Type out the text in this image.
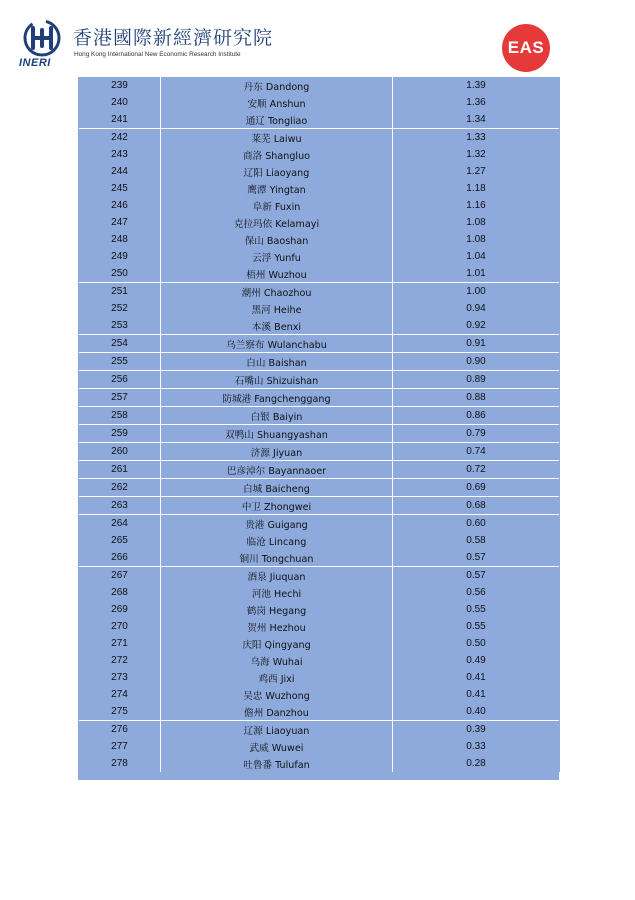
INERI
香港國際新經濟研究院
Hong Kong International New Economic Research Institute	EAS
239	丹东 Dandong	1.39
240	安顺 Anshun	1.36
241	通辽 Tongliao	1.34
242	莱芜 Laiwu	1.33
243	商洛 Shangluo	1.32
244	辽阳 Liaoyang	1.27
245	鹰潭 Yingtan	1.18
246	阜新 Fuxin	1.16
247	克拉玛依 Kelamayi	1.08
248	保山 Baoshan	1.08
249	云浮 Yunfu	1.04
250	梧州 Wuzhou	1.01
251	潮州 Chaozhou	1.00
252	黑河 Heihe	0.94
253	本溪 Benxi	0.92
254	乌兰察布 Wulanchabu	0.91
255	白山 Baishan	0.90
256	石嘴山 Shizuishan	0.89
257	防城港 Fangchenggang	0.88
258	白银 Baiyin	0.86
259	双鸭山 Shuangyashan	0.79
260	济源 Jiyuan	0.74
261	巴彦淖尔 Bayannaoer	0.72
262	白城 Baicheng	0.69
263	中卫 Zhongwei	0.68
264	贵港 Guigang	0.60
265	临沧 Lincang	0.58
266	铜川 Tongchuan	0.57
267	酒泉 Jiuquan	0.57
268	河池 Hechi	0.56
269	鹤岗 Hegang	0.55
270	贺州 Hezhou	0.55
271	庆阳 Qingyang	0.50
272	乌海 Wuhai	0.49
273	鸡西 Jixi	0.41
274	吴忠 Wuzhong	0.41
275	儋州 Danzhou	0.40
276	辽源 Liaoyuan	0.39
277	武威 Wuwei	0.33
278	吐鲁番 Tulufan	0.28
